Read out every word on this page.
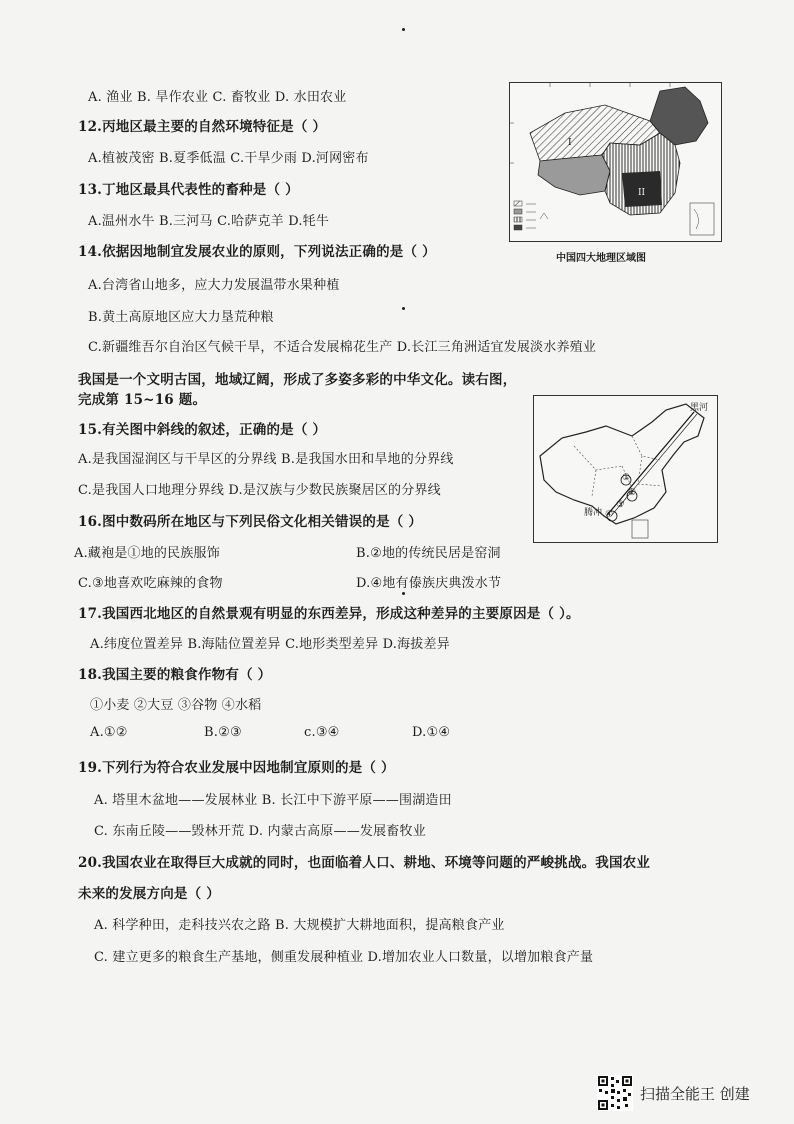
A. 渔业 B. 旱作农业 C. 畜牧业 D. 水田农业
12.丙地区最主要的自然环境特征是（ ）
A.植被茂密 B.夏季低温 C.干旱少雨 D.河网密布
13.丁地区最具代表性的畜种是（ ）
A.温州水牛 B.三河马 C.哈萨克羊 D.牦牛
14.依据因地制宜发展农业的原则，下列说法正确的是（ ）
A.台湾省山地多，应大力发展温带水果种植
B.黄土高原地区应大力垦荒种粮
C.新疆维吾尔自治区气候干旱，不适合发展棉花生产 D.长江三角洲适宜发展淡水养殖业
I
II
中国四大地理区域图
我国是一个文明古国，地域辽阔，形成了多姿多彩的中华文化。读右图，
完成第 15~16 题。	黑河
腾冲
①
②
③
④
15.有关图中斜线的叙述，正确的是（ ）
A.是我国湿润区与干旱区的分界线 B.是我国水田和旱地的分界线
C.是我国人口地理分界线 D.是汉族与少数民族聚居区的分界线
16.图中数码所在地区与下列民俗文化相关错误的是（ ）
A.藏袍是①地的民族服饰	B.②地的传统民居是窑洞
C.③地喜欢吃麻辣的食物	D.④地有傣族庆典泼水节
17.我国西北地区的自然景观有明显的东西差异，形成这种差异的主要原因是（ ）。
A.纬度位置差异 B.海陆位置差异 C.地形类型差异 D.海拔差异
18.我国主要的粮食作物有（ ）
①小麦 ②大豆 ③谷物 ④水稻
A.①②	B.②③	c.③④	D.①④
19.下列行为符合农业发展中因地制宜原则的是（ ）
A. 塔里木盆地——发展林业 B. 长江中下游平原——围湖造田
C. 东南丘陵——毁林开荒 D. 内蒙古高原——发展畜牧业
20.我国农业在取得巨大成就的同时，也面临着人口、耕地、环境等问题的严峻挑战。我国农业
未来的发展方向是（ ）
A. 科学种田，走科技兴农之路 B. 大规模扩大耕地面积，提高粮食产业
C. 建立更多的粮食生产基地，侧重发展种植业 D.增加农业人口数量，以增加粮食产量
扫描全能王 创建
